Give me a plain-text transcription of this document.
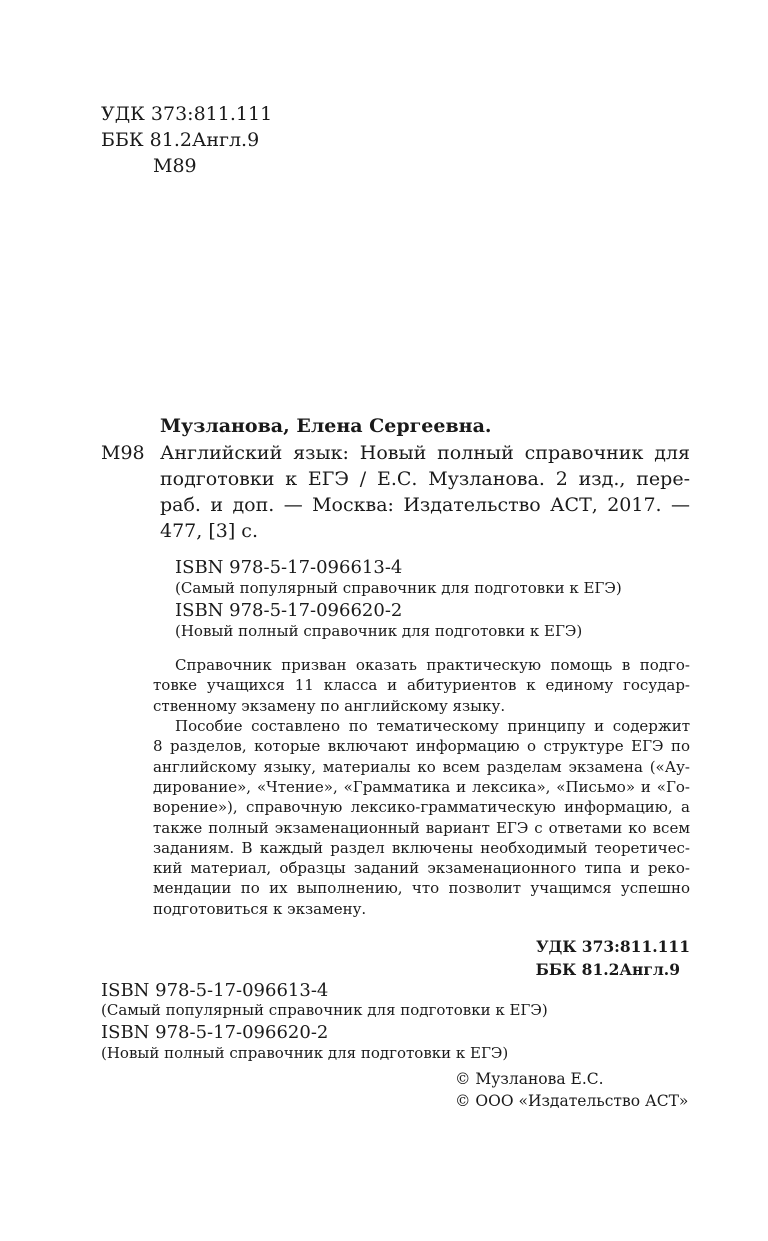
УДК 373:811.111
ББК 81.2Англ.9
М89
Музланова, Елена Сергеевна.
М98 Английский язык: Новый полный справочник для
подготовки к ЕГЭ / Е.С. Музланова. 2 изд., пере-
раб. и доп. — Москва: Издательство АСТ, 2017. —
477, [3] с.
ISBN 978-5-17-096613-4
(Самый популярный справочник для подготовки к ЕГЭ)
ISBN 978-5-17-096620-2
(Новый полный справочник для подготовки к ЕГЭ)
Справочник призван оказать практическую помощь в подго-
товке учащихся 11 класса и абитуриентов к единому государ-
ственному экзамену по английскому языку.
Пособие составлено по тематическому принципу и содержит
8 разделов, которые включают информацию о структуре ЕГЭ по
английскому языку, материалы ко всем разделам экзамена («Ау-
дирование», «Чтение», «Грамматика и лексика», «Письмо» и «Го-
ворение»), справочную лексико-грамматическую информацию, а
также полный экзаменационный вариант ЕГЭ с ответами ко всем
заданиям. В каждый раздел включены необходимый теоретичес-
кий материал, образцы заданий экзаменационного типа и реко-
мендации по их выполнению, что позволит учащимся успешно
подготовиться к экзамену.
УДК 373:811.111
ББК 81.2Англ.9
ISBN 978-5-17-096613-4
(Самый популярный справочник для подготовки к ЕГЭ)
ISBN 978-5-17-096620-2
(Новый полный справочник для подготовки к ЕГЭ)
© Музланова Е.С.
© ООО «Издательство АСТ»
